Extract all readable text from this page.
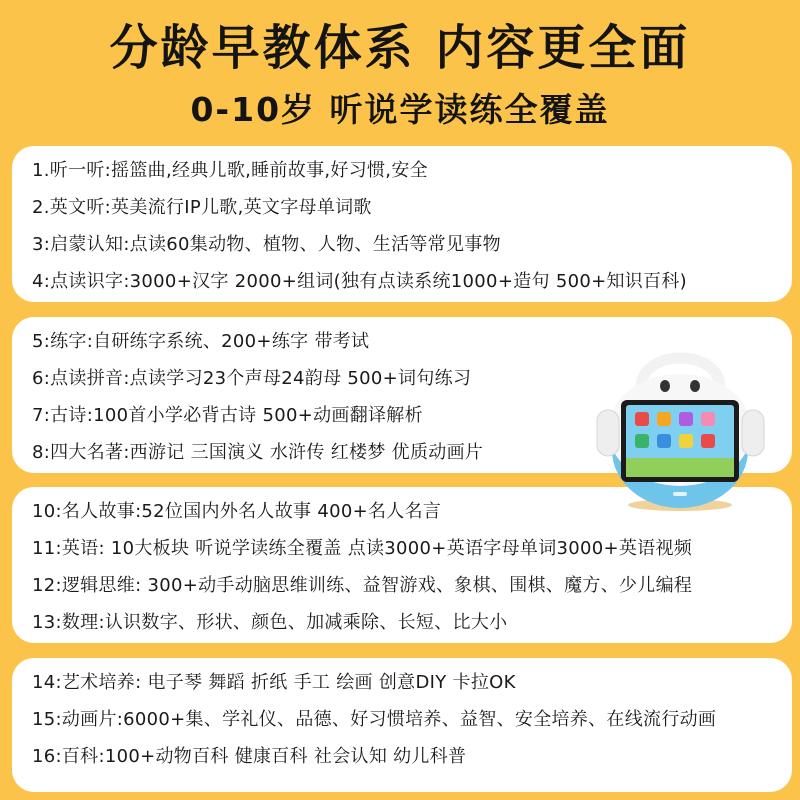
分龄早教体系 内容更全面
0-10岁 听说学读练全覆盖
1.听一听:摇篮曲,经典儿歌,睡前故事,好习惯,安全
2.英文听:英美流行IP儿歌,英文字母单词歌
3:启蒙认知:点读60集动物、植物、人物、生活等常见事物
4:点读识字:3000+汉字 2000+组词(独有点读系统1000+造句 500+知识百科)
5:练字:自研练字系统、200+练字 带考试
6:点读拼音:点读学习23个声母24韵母 500+词句练习
7:古诗:100首小学必背古诗 500+动画翻译解析
8:四大名著:西游记 三国演义 水浒传 红楼梦 优质动画片
10:名人故事:52位国内外名人故事 400+名人名言
11:英语: 10大板块 听说学读练全覆盖 点读3000+英语字母单词3000+英语视频
12:逻辑思维: 300+动手动脑思维训练、益智游戏、象棋、围棋、魔方、少儿编程
13:数理:认识数字、形状、颜色、加减乘除、长短、比大小
14:艺术培养: 电子琴 舞蹈 折纸 手工 绘画 创意DIY 卡拉OK
15:动画片:6000+集、学礼仪、品德、好习惯培养、益智、安全培养、在线流行动画
16:百科:100+动物百科 健康百科 社会认知 幼儿科普
